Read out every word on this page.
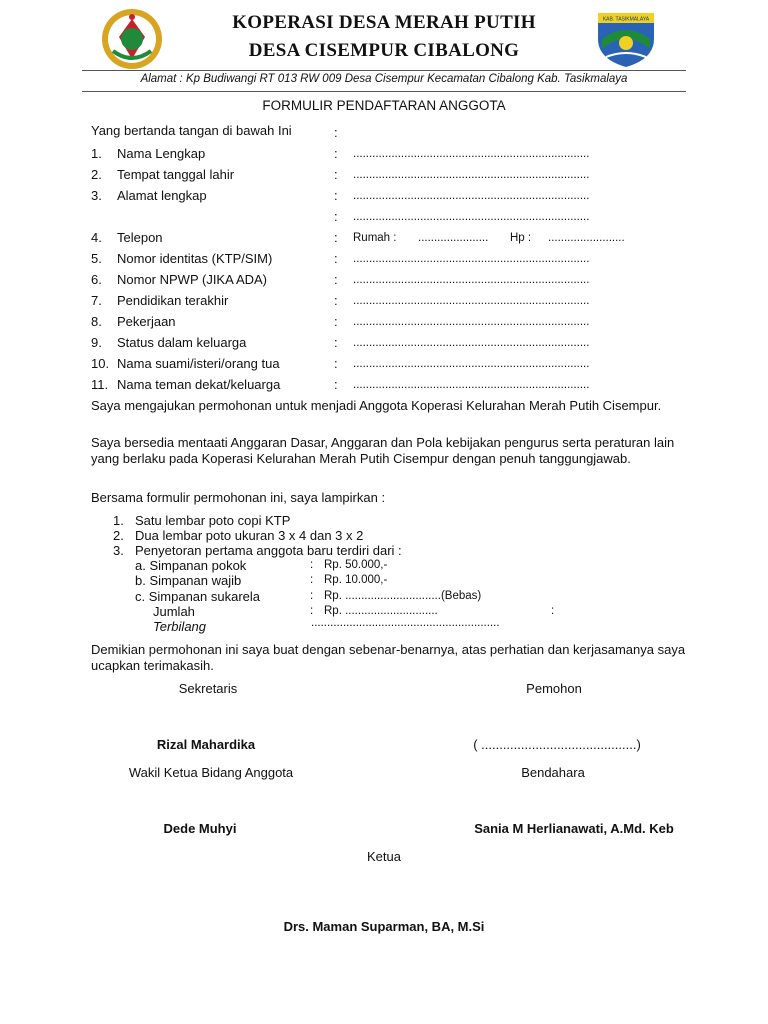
KAB. TASIKMALAYA
KOPERASI DESA MERAH PUTIH
DESA CISEMPUR CIBALONG
Alamat : Kp Budiwangi RT 013 RW 009 Desa Cisempur Kecamatan Cibalong Kab. Tasikmalaya
FORMULIR PENDAFTARAN ANGGOTA
Yang bertanda tangan di bawah Ini	:
1. Nama Lengkap	: ..........................................................................
2. Tempat tanggal lahir	: ..........................................................................
3. Alamat lengkap	: ..........................................................................
: ..........................................................................
4. Telepon	: Rumah : ...................... Hp : ........................
5. Nomor identitas (KTP/SIM)	: ..........................................................................
6. Nomor NPWP (JIKA ADA)	: ..........................................................................
7. Pendidikan terakhir	: ..........................................................................
8. Pekerjaan	: ..........................................................................
9. Status dalam keluarga	: ..........................................................................
10. Nama suami/isteri/orang tua	: ..........................................................................
11. Nama teman dekat/keluarga	: ..........................................................................
Saya mengajukan permohonan untuk menjadi Anggota Koperasi Kelurahan Merah Putih Cisempur.
Saya bersedia mentaati Anggaran Dasar, Anggaran dan Pola kebijakan pengurus serta peraturan lain yang berlaku pada Koperasi Kelurahan Merah Putih Cisempur dengan penuh tanggungjawab.
Bersama formulir permohonan ini, saya lampirkan :
1. Satu lembar poto copi KTP
2. Dua lembar poto ukuran 3 x 4 dan 3 x 2
3. Penyetoran pertama anggota baru terdiri dari :
a. Simpanan pokok	: Rp. 50.000,-
b. Simpanan wajib	: Rp. 10.000,-
c. Simpanan sukarela	: Rp. ..............................(Bebas)
Jumlah	: Rp. .............................	:
Terbilang	...........................................................
Demikian permohonan ini saya buat dengan sebenar-benarnya, atas perhatian dan kerjasamanya saya ucapkan terimakasih.
Sekretaris	Pemohon
Rizal Mahardika	( ...........................................)
Wakil Ketua Bidang Anggota	Bendahara
Dede Muhyi	Sania M Herlianawati, A.Md. Keb
Ketua
Drs. Maman Suparman, BA, M.Si
